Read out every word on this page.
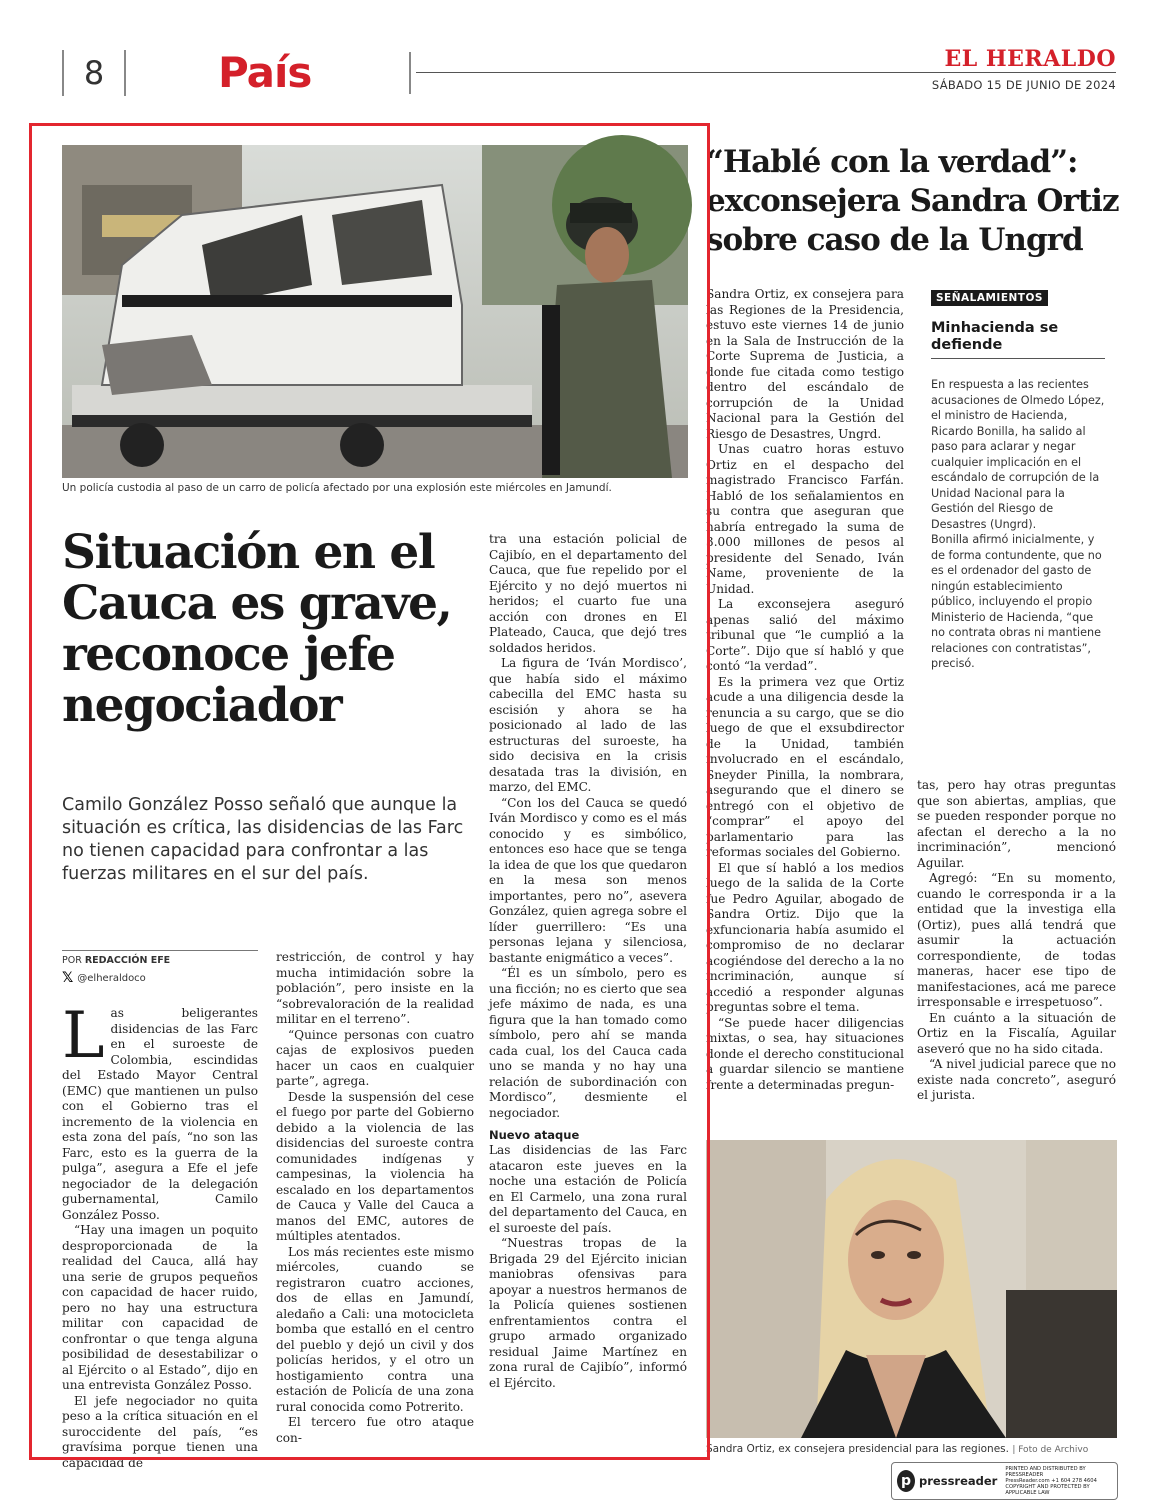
8	País	EL HERALDO
SÁBADO 15 DE JUNIO DE 2024
Un policía custodia al paso de un carro de policía afectado por una explosión este miércoles en Jamundí.
Situación en el Cauca es grave, reconoce jefe negociador

Camilo González Posso señaló que aunque la situación es crítica, las disidencias de las Farc no tienen capacidad para confrontar a las fuerzas militares en el sur del país.

POR REDACCIÓN EFE
𝕏 @elheraldoco

Las beligerantes disidencias de las Farc en el suroeste de Colombia, escindidas del Estado Mayor Central (EMC) que mantienen un pulso con el Gobierno tras el incremento de la violencia en esta zona del país, “no son las Farc, esto es la guerra de la pulga”, asegura a Efe el jefe negociador de la delegación gubernamental, Camilo González Posso.

“Hay una imagen un poquito desproporcionada de la realidad del Cauca, allá hay una serie de grupos pequeños con capacidad de hacer ruido, pero no hay una estructura militar con capacidad de confrontar o que tenga alguna posibilidad de desestabilizar o al Ejército o al Estado”, dijo en una entrevista González Posso.

El jefe negociador no quita peso a la crítica situación en el suroccidente del país, “es gravísima porque tienen una capacidad de

restricción, de control y hay mucha intimidación sobre la población”, pero insiste en la “sobrevaloración de la realidad militar en el terreno”.

“Quince personas con cuatro cajas de explosivos pueden hacer un caos en cualquier parte”, agrega.

Desde la suspensión del cese el fuego por parte del Gobierno debido a la violencia de las disidencias del suroeste contra comunidades indígenas y campesinas, la violencia ha escalado en los departamentos de Cauca y Valle del Cauca a manos del EMC, autores de múltiples atentados.

Los más recientes este mismo miércoles, cuando se registraron cuatro acciones, dos de ellas en Jamundí, aledaño a Cali: una motocicleta bomba que estalló en el centro del pueblo y dejó un civil y dos policías heridos, y el otro un hostigamiento contra una estación de Policía de una zona rural conocida como Potrerito.

El tercero fue otro ataque con-

tra una estación policial de Cajibío, en el departamento del Cauca, que fue repelido por el Ejército y no dejó muertos ni heridos; el cuarto fue una acción con drones en El Plateado, Cauca, que dejó tres soldados heridos.

La figura de ‘Iván Mordisco’, que había sido el máximo cabecilla del EMC hasta su escisión y ahora se ha posicionado al lado de las estructuras del suroeste, ha sido decisiva en la crisis desatada tras la división, en marzo, del EMC.

“Con los del Cauca se quedó Iván Mordisco y como es el más conocido y es simbólico, entonces eso hace que se tenga la idea de que los que quedaron en la mesa son menos importantes, pero no”, asevera González, quien agrega sobre el líder guerrillero: “Es una personas lejana y silenciosa, bastante enigmático a veces”.

“Él es un símbolo, pero es una ficción; no es cierto que sea jefe máximo de nada, es una figura que la han tomado como símbolo, pero ahí se manda cada cual, los del Cauca cada uno se manda y no hay una relación de subordinación con Mordisco”, desmiente el negociador.

Nuevo ataque

Las disidencias de las Farc atacaron este jueves en la noche una estación de Policía en El Carmelo, una zona rural del departamento del Cauca, en el suroeste del país.

“Nuestras tropas de la Brigada 29 del Ejército inician maniobras ofensivas para apoyar a nuestros hermanos de la Policía quienes sostienen enfrentamientos contra el grupo armado organizado residual Jaime Martínez en zona rural de Cajibío”, informó el Ejército.

“Hablé con la verdad”: exconsejera Sandra Ortiz sobre caso de la Ungrd

Sandra Ortiz, ex consejera para las Regiones de la Presidencia, estuvo este viernes 14 de junio en la Sala de Instrucción de la Corte Suprema de Justicia, a donde fue citada como testigo dentro del escándalo de corrupción de la Unidad Nacional para la Gestión del Riesgo de Desastres, Ungrd.

Unas cuatro horas estuvo Ortiz en el despacho del magistrado Francisco Farfán. Habló de los señalamientos en su contra que aseguran que habría entregado la suma de 3.000 millones de pesos al presidente del Senado, Iván Name, proveniente de la Unidad.

La exconsejera aseguró apenas salió del máximo tribunal que “le cumplió a la Corte”. Dijo que sí habló y que contó “la verdad”.

Es la primera vez que Ortiz acude a una diligencia desde la renuncia a su cargo, que se dio luego de que el exsubdirector de la Unidad, también involucrado en el escándalo, Sneyder Pinilla, la nombrara, asegurando que el dinero se entregó con el objetivo de “comprar” el apoyo del parlamentario para las reformas sociales del Gobierno.

El que sí habló a los medios luego de la salida de la Corte fue Pedro Aguilar, abogado de Sandra Ortiz. Dijo que la exfuncionaria había asumido el compromiso de no declarar acogiéndose del derecho a la no incriminación, aunque sí accedió a responder algunas preguntas sobre el tema.

“Se puede hacer diligencias mixtas, o sea, hay situaciones donde el derecho constitucional a guardar silencio se mantiene frente a determinadas pregun-

tas, pero hay otras preguntas que son abiertas, amplias, que se pueden responder porque no afectan el derecho a la no incriminación”, mencionó Aguilar.

Agregó: “En su momento, cuando le corresponda ir a la entidad que la investiga ella (Ortiz), pues allá tendrá que asumir la actuación correspondiente, de todas maneras, hacer ese tipo de manifestaciones, acá me parece irresponsable e irrespetuoso”.

En cuánto a la situación de Ortiz en la Fiscalía, Aguilar aseveró que no ha sido citada.

“A nivel judicial parece que no existe nada concreto”, aseguró el jurista.

SEÑALAMIENTOS
Minhacienda se defiende

En respuesta a las recientes acusaciones de Olmedo López, el ministro de Hacienda, Ricardo Bonilla, ha salido al paso para aclarar y negar cualquier implicación en el escándalo de corrupción de la Unidad Nacional para la Gestión del Riesgo de Desastres (Ungrd).

Bonilla afirmó inicialmente, y de forma contundente, que no es el ordenador del gasto de ningún establecimiento público, incluyendo el propio Ministerio de Hacienda, “que no contrata obras ni mantiene relaciones con contratistas”, precisó.

Sandra Ortiz, ex consejera presidencial para las regiones. | Foto de Archivo
p pressreader
PRINTED AND DISTRIBUTED BY PRESSREADER
PressReader.com +1 604 278 4604
COPYRIGHT AND PROTECTED BY APPLICABLE LAW
